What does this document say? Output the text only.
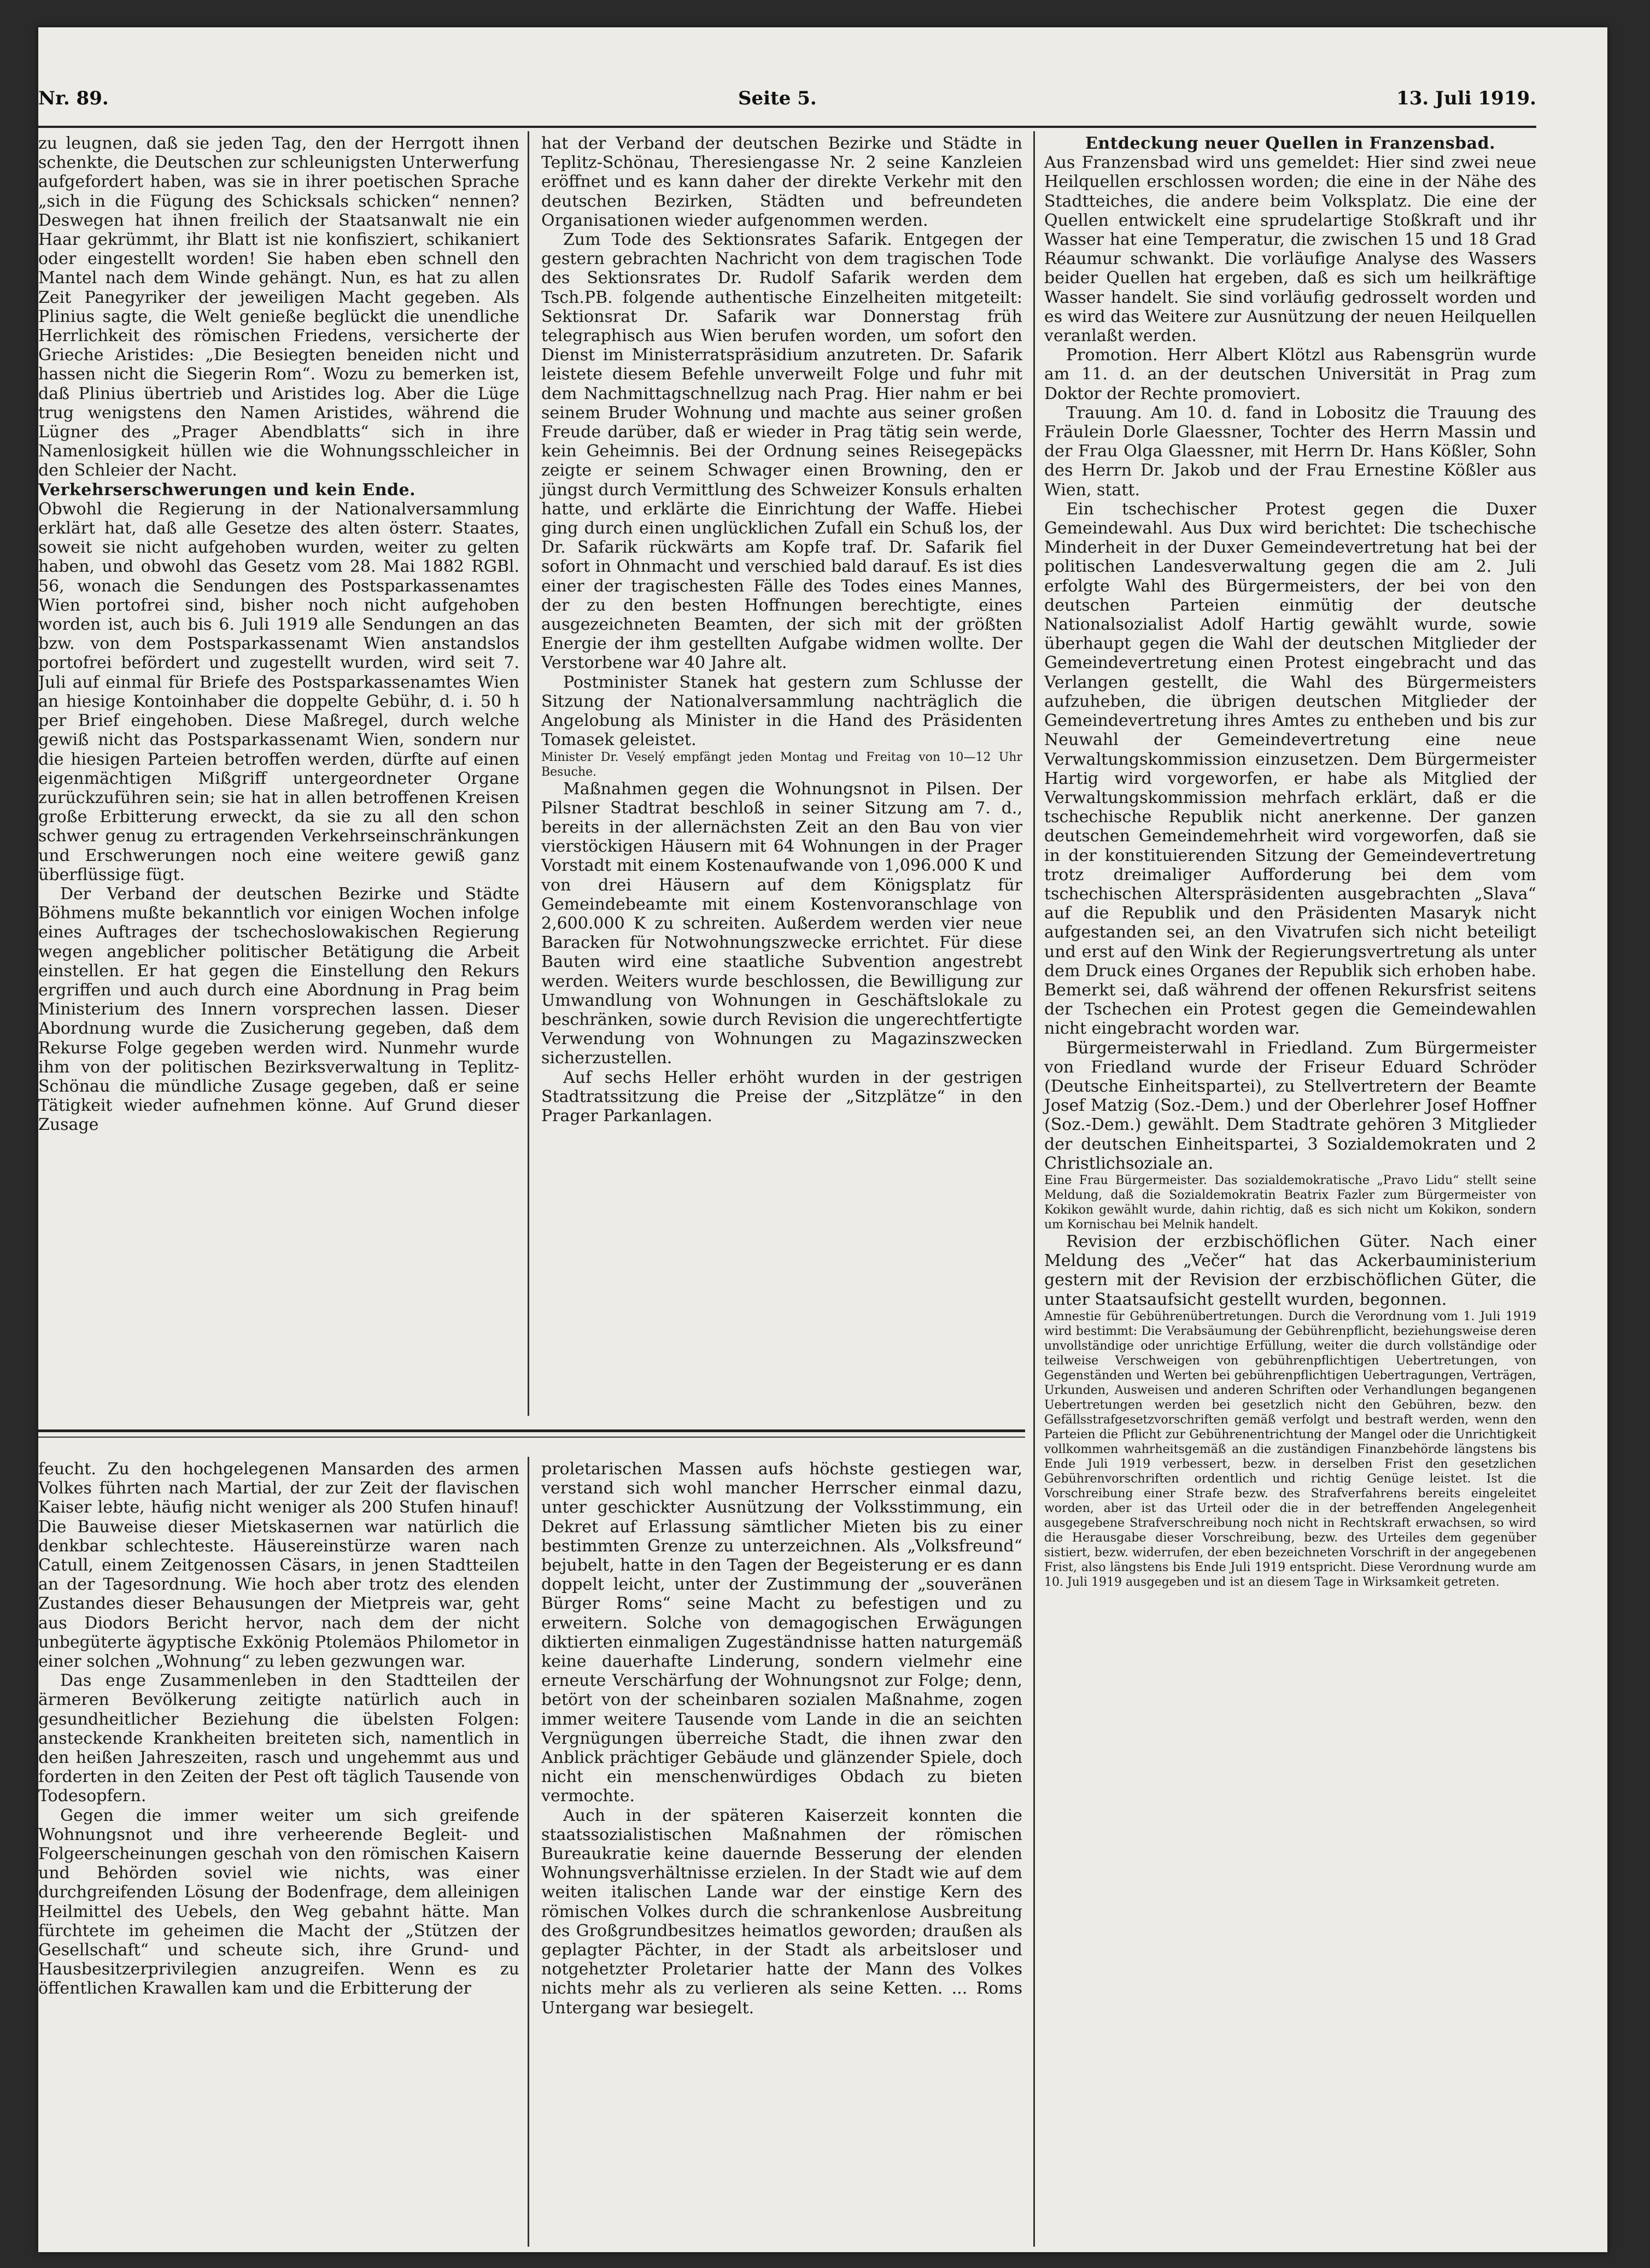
Nr. 89.	Seite 5.	13. Juli 1919.

zu leugnen, daß sie jeden Tag, den der Herrgott ihnen schenkte, die Deutschen zur schleunigsten Unterwerfung aufgefordert haben, was sie in ihrer poetischen Sprache „sich in die Fügung des Schicksals schicken“ nennen? Deswegen hat ihnen freilich der Staatsanwalt nie ein Haar gekrümmt, ihr Blatt ist nie konfisziert, schikaniert oder eingestellt worden! Sie haben eben schnell den Mantel nach dem Winde gehängt. Nun, es hat zu allen Zeit Panegyriker der jeweiligen Macht gegeben. Als Plinius sagte, die Welt genieße beglückt die unendliche Herrlichkeit des römischen Friedens, versicherte der Grieche Aristides: „Die Besiegten beneiden nicht und hassen nicht die Siegerin Rom“. Wozu zu bemerken ist, daß Plinius übertrieb und Aristides log. Aber die Lüge trug wenigstens den Namen Aristides, während die Lügner des „Prager Abendblatts“ sich in ihre Namenlosigkeit hüllen wie die Wohnungsschleicher in den Schleier der Nacht.

Verkehrserschwerungen und kein Ende.

Obwohl die Regierung in der Nationalversammlung erklärt hat, daß alle Gesetze des alten österr. Staates, soweit sie nicht aufgehoben wurden, weiter zu gelten haben, und obwohl das Gesetz vom 28. Mai 1882 RGBl. 56, wonach die Sendungen des Postsparkassenamtes Wien portofrei sind, bisher noch nicht aufgehoben worden ist, auch bis 6. Juli 1919 alle Sendungen an das bzw. von dem Postsparkassenamt Wien anstandslos portofrei befördert und zugestellt wurden, wird seit 7. Juli auf einmal für Briefe des Postsparkassenamtes Wien an hiesige Kontoinhaber die doppelte Gebühr, d. i. 50 h per Brief eingehoben. Diese Maßregel, durch welche gewiß nicht das Postsparkassenamt Wien, sondern nur die hiesigen Parteien betroffen werden, dürfte auf einen eigenmächtigen Mißgriff untergeordneter Organe zurückzuführen sein; sie hat in allen betroffenen Kreisen große Erbitterung erweckt, da sie zu all den schon schwer genug zu ertragenden Verkehrseinschränkungen und Erschwerungen noch eine weitere gewiß ganz überflüssige fügt.

Der Verband der deutschen Bezirke und Städte Böhmens mußte bekanntlich vor einigen Wochen infolge eines Auftrages der tschechoslowakischen Regierung wegen angeblicher politischer Betätigung die Arbeit einstellen. Er hat gegen die Einstellung den Rekurs ergriffen und auch durch eine Abordnung in Prag beim Ministerium des Innern vorsprechen lassen. Dieser Abordnung wurde die Zusicherung gegeben, daß dem Rekurse Folge gegeben werden wird. Nunmehr wurde ihm von der politischen Bezirksverwaltung in Teplitz-Schönau die mündliche Zusage gegeben, daß er seine Tätigkeit wieder aufnehmen könne. Auf Grund dieser Zusage

hat der Verband der deutschen Bezirke und Städte in Teplitz-Schönau, Theresiengasse Nr. 2 seine Kanzleien eröffnet und es kann daher der direkte Verkehr mit den deutschen Bezirken, Städten und befreundeten Organisationen wieder aufgenommen werden.

Zum Tode des Sektionsrates Safarik. Entgegen der gestern gebrachten Nachricht von dem tragischen Tode des Sektionsrates Dr. Rudolf Safarik werden dem Tsch.PB. folgende authentische Einzelheiten mitgeteilt: Sektionsrat Dr. Safarik war Donnerstag früh telegraphisch aus Wien berufen worden, um sofort den Dienst im Ministerratspräsidium anzutreten. Dr. Safarik leistete diesem Befehle unverweilt Folge und fuhr mit dem Nachmittagschnellzug nach Prag. Hier nahm er bei seinem Bruder Wohnung und machte aus seiner großen Freude darüber, daß er wieder in Prag tätig sein werde, kein Geheimnis. Bei der Ordnung seines Reisegepäcks zeigte er seinem Schwager einen Browning, den er jüngst durch Vermittlung des Schweizer Konsuls erhalten hatte, und erklärte die Einrichtung der Waffe. Hiebei ging durch einen unglücklichen Zufall ein Schuß los, der Dr. Safarik rückwärts am Kopfe traf. Dr. Safarik fiel sofort in Ohnmacht und verschied bald darauf. Es ist dies einer der tragischesten Fälle des Todes eines Mannes, der zu den besten Hoffnungen berechtigte, eines ausgezeichneten Beamten, der sich mit der größten Energie der ihm gestellten Aufgabe widmen wollte. Der Verstorbene war 40 Jahre alt.

Postminister Stanek hat gestern zum Schlusse der Sitzung der Nationalversammlung nachträglich die Angelobung als Minister in die Hand des Präsidenten Tomasek geleistet.

Minister Dr. Veselý empfängt jeden Montag und Freitag von 10—12 Uhr Besuche.

Maßnahmen gegen die Wohnungsnot in Pilsen. Der Pilsner Stadtrat beschloß in seiner Sitzung am 7. d., bereits in der allernächsten Zeit an den Bau von vier vierstöckigen Häusern mit 64 Wohnungen in der Prager Vorstadt mit einem Kostenaufwande von 1,096.000 K und von drei Häusern auf dem Königsplatz für Gemeindebeamte mit einem Kostenvoranschlage von 2,600.000 K zu schreiten. Außerdem werden vier neue Baracken für Notwohnungszwecke errichtet. Für diese Bauten wird eine staatliche Subvention angestrebt werden. Weiters wurde beschlossen, die Bewilligung zur Umwandlung von Wohnungen in Geschäftslokale zu beschränken, sowie durch Revision die ungerechtfertigte Verwendung von Wohnungen zu Magazinszwecken sicherzustellen.

Auf sechs Heller erhöht wurden in der gestrigen Stadtratssitzung die Preise der „Sitzplätze“ in den Prager Parkanlagen.

Entdeckung neuer Quellen in Franzensbad.

Aus Franzensbad wird uns gemeldet: Hier sind zwei neue Heilquellen erschlossen worden; die eine in der Nähe des Stadtteiches, die andere beim Volksplatz. Die eine der Quellen entwickelt eine sprudelartige Stoßkraft und ihr Wasser hat eine Temperatur, die zwischen 15 und 18 Grad Réaumur schwankt. Die vorläufige Analyse des Wassers beider Quellen hat ergeben, daß es sich um heilkräftige Wasser handelt. Sie sind vorläufig gedrosselt worden und es wird das Weitere zur Ausnützung der neuen Heilquellen veranlaßt werden.

Promotion. Herr Albert Klötzl aus Rabensgrün wurde am 11. d. an der deutschen Universität in Prag zum Doktor der Rechte promoviert.

Trauung. Am 10. d. fand in Lobositz die Trauung des Fräulein Dorle Glaessner, Tochter des Herrn Massin und der Frau Olga Glaessner, mit Herrn Dr. Hans Kößler, Sohn des Herrn Dr. Jakob und der Frau Ernestine Kößler aus Wien, statt.

Ein tschechischer Protest gegen die Duxer Gemeindewahl. Aus Dux wird berichtet: Die tschechische Minderheit in der Duxer Gemeindevertretung hat bei der politischen Landesverwaltung gegen die am 2. Juli erfolgte Wahl des Bürgermeisters, der bei von den deutschen Parteien einmütig der deutsche Nationalsozialist Adolf Hartig gewählt wurde, sowie überhaupt gegen die Wahl der deutschen Mitglieder der Gemeindevertretung einen Protest eingebracht und das Verlangen gestellt, die Wahl des Bürgermeisters aufzuheben, die übrigen deutschen Mitglieder der Gemeindevertretung ihres Amtes zu entheben und bis zur Neuwahl der Gemeindevertretung eine neue Verwaltungskommission einzusetzen. Dem Bürgermeister Hartig wird vorgeworfen, er habe als Mitglied der Verwaltungskommission mehrfach erklärt, daß er die tschechische Republik nicht anerkenne. Der ganzen deutschen Gemeindemehrheit wird vorgeworfen, daß sie in der konstituierenden Sitzung der Gemeindevertretung trotz dreimaliger Aufforderung bei dem vom tschechischen Alterspräsidenten ausgebrachten „Slava“ auf die Republik und den Präsidenten Masaryk nicht aufgestanden sei, an den Vivatrufen sich nicht beteiligt und erst auf den Wink der Regierungsvertretung als unter dem Druck eines Organes der Republik sich erhoben habe. Bemerkt sei, daß während der offenen Rekursfrist seitens der Tschechen ein Protest gegen die Gemeindewahlen nicht eingebracht worden war.

Bürgermeisterwahl in Friedland. Zum Bürgermeister von Friedland wurde der Friseur Eduard Schröder (Deutsche Einheitspartei), zu Stellvertretern der Beamte Josef Matzig (Soz.-Dem.) und der Oberlehrer Josef Hoffner (Soz.-Dem.) gewählt. Dem Stadtrate gehören 3 Mitglieder der deutschen Einheitspartei, 3 Sozialdemokraten und 2 Christlichsoziale an.

Eine Frau Bürgermeister. Das sozialdemokratische „Pravo Lidu“ stellt seine Meldung, daß die Sozialdemokratin Beatrix Fazler zum Bürgermeister von Kokikon gewählt wurde, dahin richtig, daß es sich nicht um Kokikon, sondern um Kornischau bei Melnik handelt.

Revision der erzbischöflichen Güter. Nach einer Meldung des „Večer“ hat das Ackerbauministerium gestern mit der Revision der erzbischöflichen Güter, die unter Staatsaufsicht gestellt wurden, begonnen.

Amnestie für Gebührenübertretungen. Durch die Verordnung vom 1. Juli 1919 wird bestimmt: Die Verabsäumung der Gebührenpflicht, beziehungsweise deren unvollständige oder unrichtige Erfüllung, weiter die durch vollständige oder teilweise Verschweigen von gebührenpflichtigen Uebertretungen, von Gegenständen und Werten bei gebührenpflichtigen Uebertragungen, Verträgen, Urkunden, Ausweisen und anderen Schriften oder Verhandlungen begangenen Uebertretungen werden bei gesetzlich nicht den Gebühren, bezw. den Gefällsstrafgesetzvorschriften gemäß verfolgt und bestraft werden, wenn den Parteien die Pflicht zur Gebührenentrichtung der Mangel oder die Unrichtigkeit vollkommen wahrheitsgemäß an die zuständigen Finanzbehörde längstens bis Ende Juli 1919 verbessert, bezw. in derselben Frist den gesetzlichen Gebührenvorschriften ordentlich und richtig Genüge leistet. Ist die Vorschreibung einer Strafe bezw. des Strafverfahrens bereits eingeleitet worden, aber ist das Urteil oder die in der betreffenden Angelegenheit ausgegebene Strafverschreibung noch nicht in Rechtskraft erwachsen, so wird die Herausgabe dieser Vorschreibung, bezw. des Urteiles dem gegenüber sistiert, bezw. widerrufen, der eben bezeichneten Vorschrift in der angegebenen Frist, also längstens bis Ende Juli 1919 entspricht. Diese Verordnung wurde am 10. Juli 1919 ausgegeben und ist an diesem Tage in Wirksamkeit getreten.

feucht. Zu den hochgelegenen Mansarden des armen Volkes führten nach Martial, der zur Zeit der flavischen Kaiser lebte, häufig nicht weniger als 200 Stufen hinauf! Die Bauweise dieser Mietskasernen war natürlich die denkbar schlechteste. Häusereinstürze waren nach Catull, einem Zeitgenossen Cäsars, in jenen Stadtteilen an der Tagesordnung. Wie hoch aber trotz des elenden Zustandes dieser Behausungen der Mietpreis war, geht aus Diodors Bericht hervor, nach dem der nicht unbegüterte ägyptische Exkönig Ptolemäos Philometor in einer solchen „Wohnung“ zu leben gezwungen war.

Das enge Zusammenleben in den Stadtteilen der ärmeren Bevölkerung zeitigte natürlich auch in gesundheitlicher Beziehung die übelsten Folgen: ansteckende Krankheiten breiteten sich, namentlich in den heißen Jahreszeiten, rasch und ungehemmt aus und forderten in den Zeiten der Pest oft täglich Tausende von Todesopfern.

Gegen die immer weiter um sich greifende Wohnungsnot und ihre verheerende Begleit- und Folgeerscheinungen geschah von den römischen Kaisern und Behörden soviel wie nichts, was einer durchgreifenden Lösung der Bodenfrage, dem alleinigen Heilmittel des Uebels, den Weg gebahnt hätte. Man fürchtete im geheimen die Macht der „Stützen der Gesellschaft“ und scheute sich, ihre Grund- und Hausbesitzerprivilegien anzugreifen. Wenn es zu öffentlichen Krawallen kam und die Erbitterung der

proletarischen Massen aufs höchste gestiegen war, verstand sich wohl mancher Herrscher einmal dazu, unter geschickter Ausnützung der Volksstimmung, ein Dekret auf Erlassung sämtlicher Mieten bis zu einer bestimmten Grenze zu unterzeichnen. Als „Volksfreund“ bejubelt, hatte in den Tagen der Begeisterung er es dann doppelt leicht, unter der Zustimmung der „souveränen Bürger Roms“ seine Macht zu befestigen und zu erweitern. Solche von demagogischen Erwägungen diktierten einmaligen Zugeständnisse hatten naturgemäß keine dauerhafte Linderung, sondern vielmehr eine erneute Verschärfung der Wohnungsnot zur Folge; denn, betört von der scheinbaren sozialen Maßnahme, zogen immer weitere Tausende vom Lande in die an seichten Vergnügungen überreiche Stadt, die ihnen zwar den Anblick prächtiger Gebäude und glänzender Spiele, doch nicht ein menschenwürdiges Obdach zu bieten vermochte.

Auch in der späteren Kaiserzeit konnten die staatssozialistischen Maßnahmen der römischen Bureaukratie keine dauernde Besserung der elenden Wohnungsverhältnisse erzielen. In der Stadt wie auf dem weiten italischen Lande war der einstige Kern des römischen Volkes durch die schrankenlose Ausbreitung des Großgrundbesitzes heimatlos geworden; draußen als geplagter Pächter, in der Stadt als arbeitsloser und notgehetzter Proletarier hatte der Mann des Volkes nichts mehr als zu verlieren als seine Ketten. ... Roms Untergang war besiegelt.
